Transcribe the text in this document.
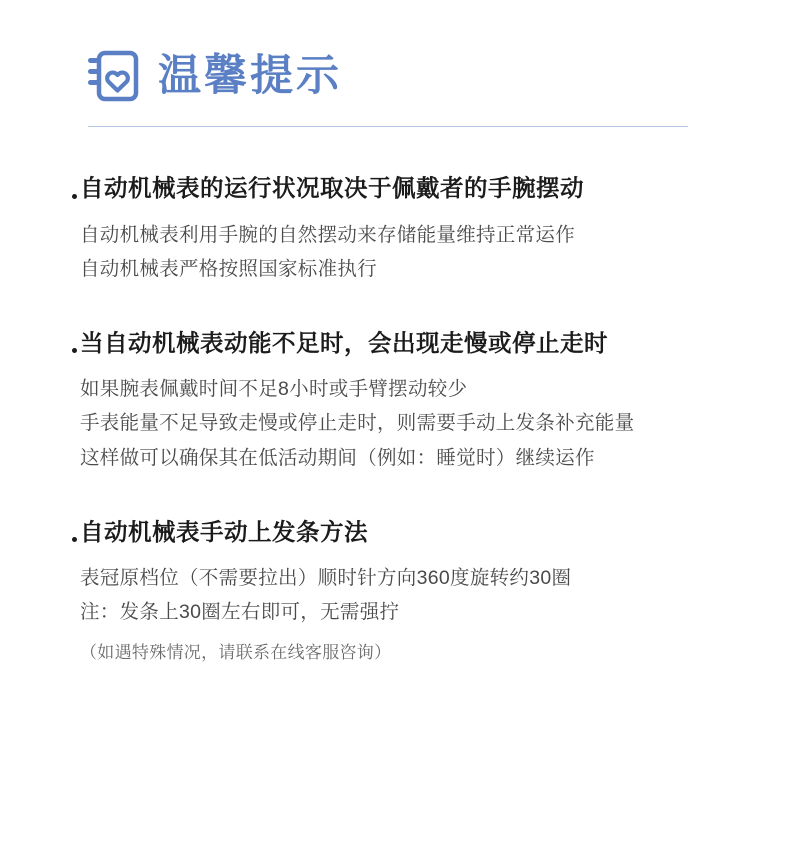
温馨提示
自动机械表的运行状况取决于佩戴者的手腕摆动
自动机械表利用手腕的自然摆动来存储能量维持正常运作
自动机械表严格按照国家标准执行
当自动机械表动能不足时，会出现走慢或停止走时
如果腕表佩戴时间不足8小时或手臂摆动较少
手表能量不足导致走慢或停止走时，则需要手动上发条补充能量
这样做可以确保其在低活动期间（例如：睡觉时）继续运作
自动机械表手动上发条方法
表冠原档位（不需要拉出）顺时针方向360度旋转约30圈
注：发条上30圈左右即可，无需强拧
（如遇特殊情况，请联系在线客服咨询）
